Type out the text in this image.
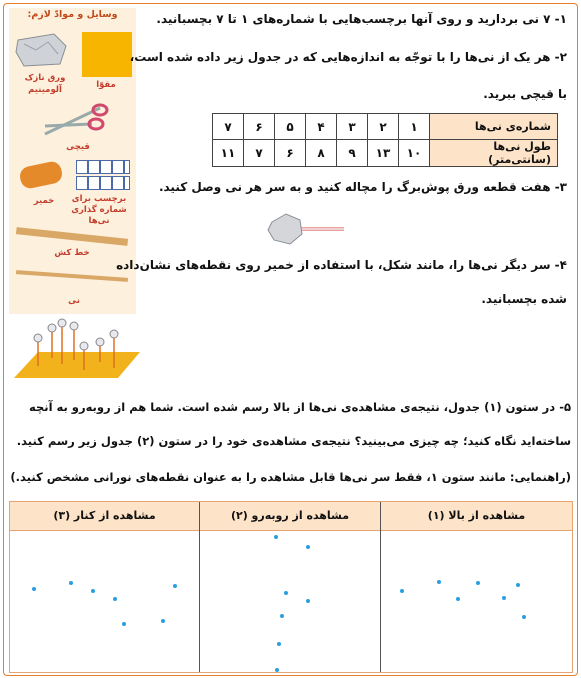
وسایل و موادّ لازم:
مقوّا
ورق نازک آلومینیم
قیچی
برچسب برای شماره گذاری نی‌ها
خمیر
خط کش
نی
۱- ۷ نی بردارید و روی آنها برچسب‌هایی با شماره‌های ۱ تا ۷ بچسبانید.
۲- هر یک از نی‌ها را با توجّه به اندازه‌هایی که در جدول زیر داده شده است،
با قیچی ببرید.
۳- هفت قطعه ورق پوش‌برگ را مچاله کنید و به سر هر نی وصل کنید.
۴- سر دیگر نی‌ها را، مانند شکل، با استفاده از خمیر روی نقطه‌های نشان‌داده
شده بچسبانید.
۵- در ستون (۱) جدول، نتیجه‌ی مشاهده‌ی نی‌ها از بالا رسم شده است. شما هم از روبه‌رو به آنچه
ساخته‌اید نگاه کنید؛ چه چیزی می‌بینید؟ نتیجه‌ی مشاهده‌ی خود را در ستون (۲) جدول زیر رسم کنید.
(راهنمایی: مانند ستون ۱، فقط سر نی‌ها قابل مشاهده را به عنوان نقطه‌های نورانی مشخص کنید.)
شماره‌ی نی‌ها	۱	۲	۳	۴	۵	۶	۷
طول نی‌ها (سانتی‌متر)	۱۰	۱۳	۹	۸	۶	۷	۱۱
مشاهده از کنار (۳)	مشاهده از روبه‌رو (۲)	مشاهده از بالا (۱)
